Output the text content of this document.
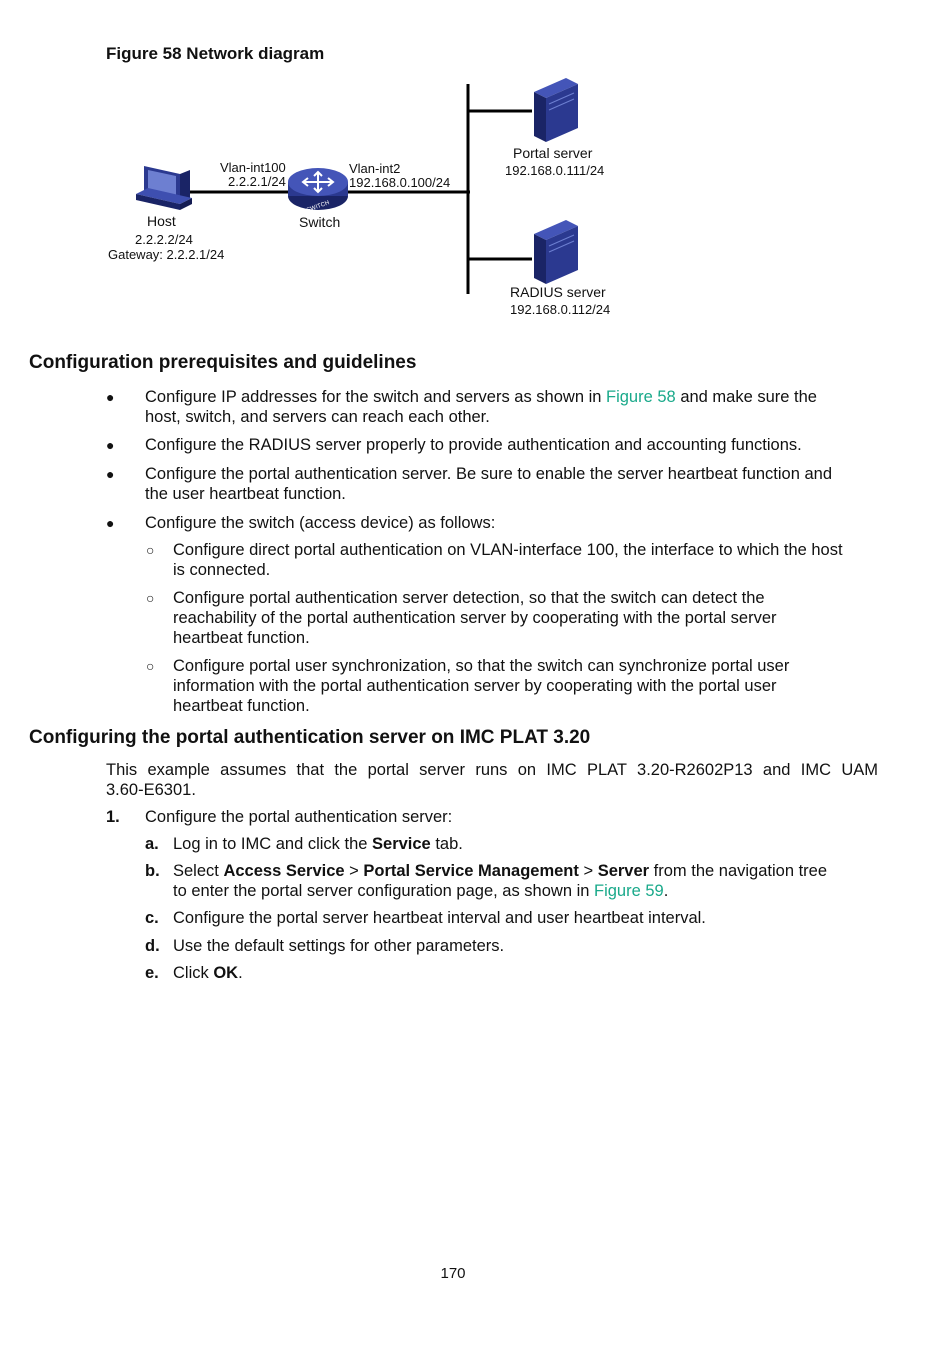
Figure 58 Network diagram
SWITCH
Vlan-int100
2.2.2.1/24
Vlan-int2
192.168.0.100/24
Host
2.2.2.2/24
Gateway: 2.2.2.1/24
Switch
Portal server
192.168.0.111/24
RADIUS server
192.168.0.112/24
Configuration prerequisites and guidelines
● Configure IP addresses for the switch and servers as shown in Figure 58 and make sure the
host, switch, and servers can reach each other.
● Configure the RADIUS server properly to provide authentication and accounting functions.
● Configure the portal authentication server. Be sure to enable the server heartbeat function and
the user heartbeat function.
● Configure the switch (access device) as follows:
○ Configure direct portal authentication on VLAN-interface 100, the interface to which the host
is connected.
○ Configure portal authentication server detection, so that the switch can detect the
reachability of the portal authentication server by cooperating with the portal server
heartbeat function.
○ Configure portal user synchronization, so that the switch can synchronize portal user
information with the portal authentication server by cooperating with the portal user
heartbeat function.
Configuring the portal authentication server on IMC PLAT 3.20
This example assumes that the portal server runs on IMC PLAT 3.20-R2602P13 and IMC UAM
3.60-E6301.
1. Configure the portal authentication server:
a. Log in to IMC and click the Service tab.
b. Select Access Service > Portal Service Management > Server from the navigation tree
to enter the portal server configuration page, as shown in Figure 59.
c. Configure the portal server heartbeat interval and user heartbeat interval.
d. Use the default settings for other parameters.
e. Click OK.
170
